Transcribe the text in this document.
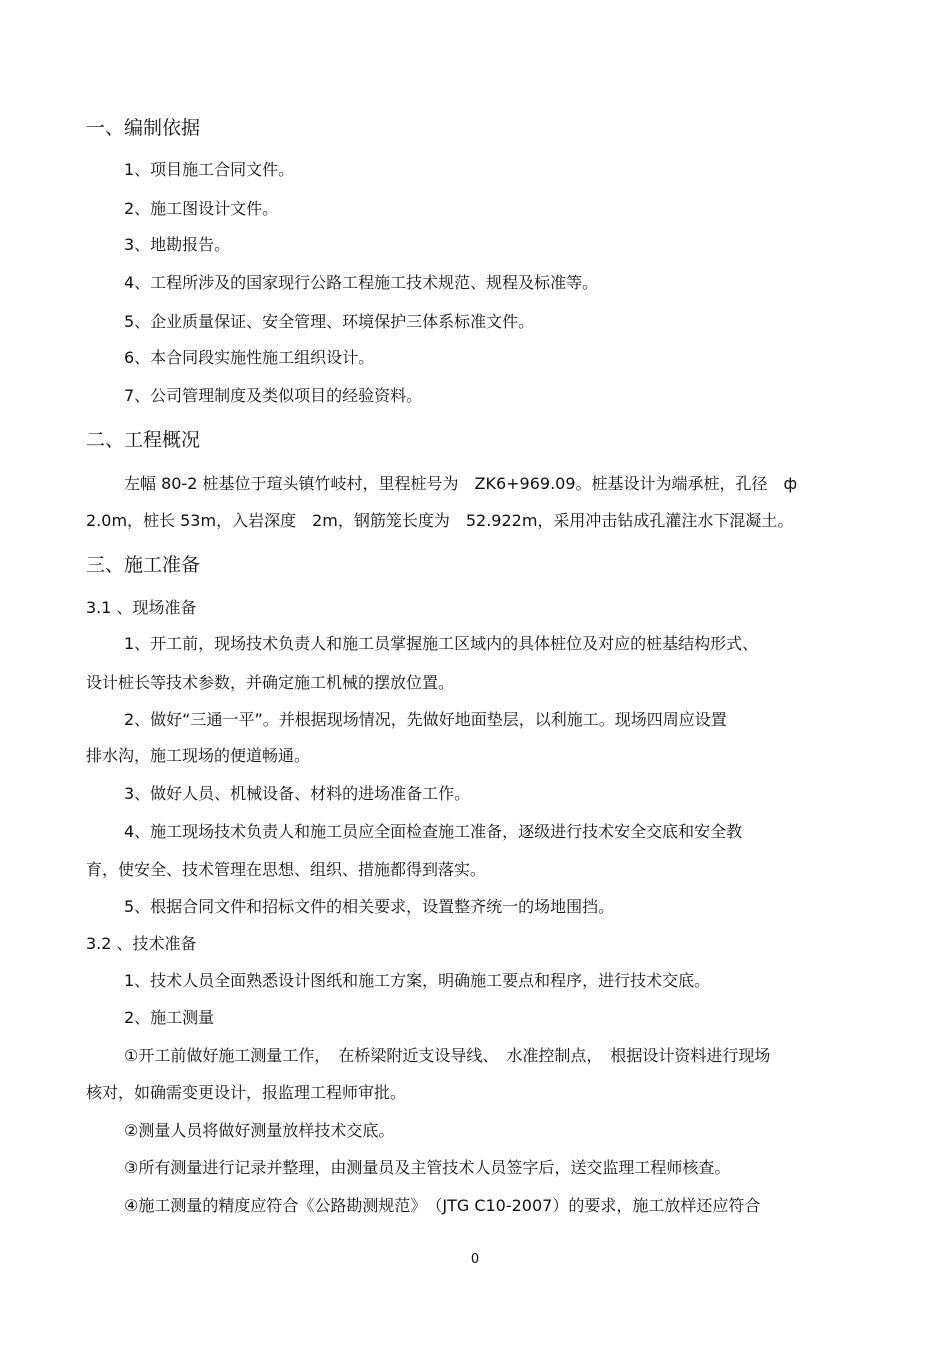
一、编制依据
1、项目施工合同文件。
2、施工图设计文件。
3、地勘报告。
4、工程所涉及的国家现行公路工程施工技术规范、规程及标准等。
5、企业质量保证、安全管理、环境保护三体系标准文件。
6、本合同段实施性施工组织设计。
7、公司管理制度及类似项目的经验资料。
二、工程概况
左幅 80-2 桩基位于瑄头镇竹岐村，里程桩号为　ZK6+969.09。桩基设计为端承桩，孔径　ф
2.0m，桩长 53m，入岩深度　2m，钢筋笼长度为　52.922m，采用冲击钻成孔灌注水下混凝土。
三、施工准备
3.1 、现场准备
1、开工前，现场技术负责人和施工员掌握施工区域内的具体桩位及对应的桩基结构形式、
设计桩长等技术参数，并确定施工机械的摆放位置。
2、做好“三通一平”。并根据现场情况，先做好地面垫层，以利施工。现场四周应设置
排水沟，施工现场的便道畅通。
3、做好人员、机械设备、材料的进场准备工作。
4、施工现场技术负责人和施工员应全面检查施工准备，逐级进行技术安全交底和安全教
育，使安全、技术管理在思想、组织、措施都得到落实。
5、根据合同文件和招标文件的相关要求，设置整齐统一的场地围挡。
3.2 、技术准备
1、技术人员全面熟悉设计图纸和施工方案，明确施工要点和程序，进行技术交底。
2、施工测量
①开工前做好施工测量工作，　在桥梁附近支设导线、　水准控制点，　根据设计资料进行现场
核对，如确需变更设计，报监理工程师审批。
②测量人员将做好测量放样技术交底。
③所有测量进行记录并整理，由测量员及主管技术人员签字后，送交监理工程师核查。
④施工测量的精度应符合《公路勘测规范》　（JTG C10-2007）的要求，施工放样还应符合
0
